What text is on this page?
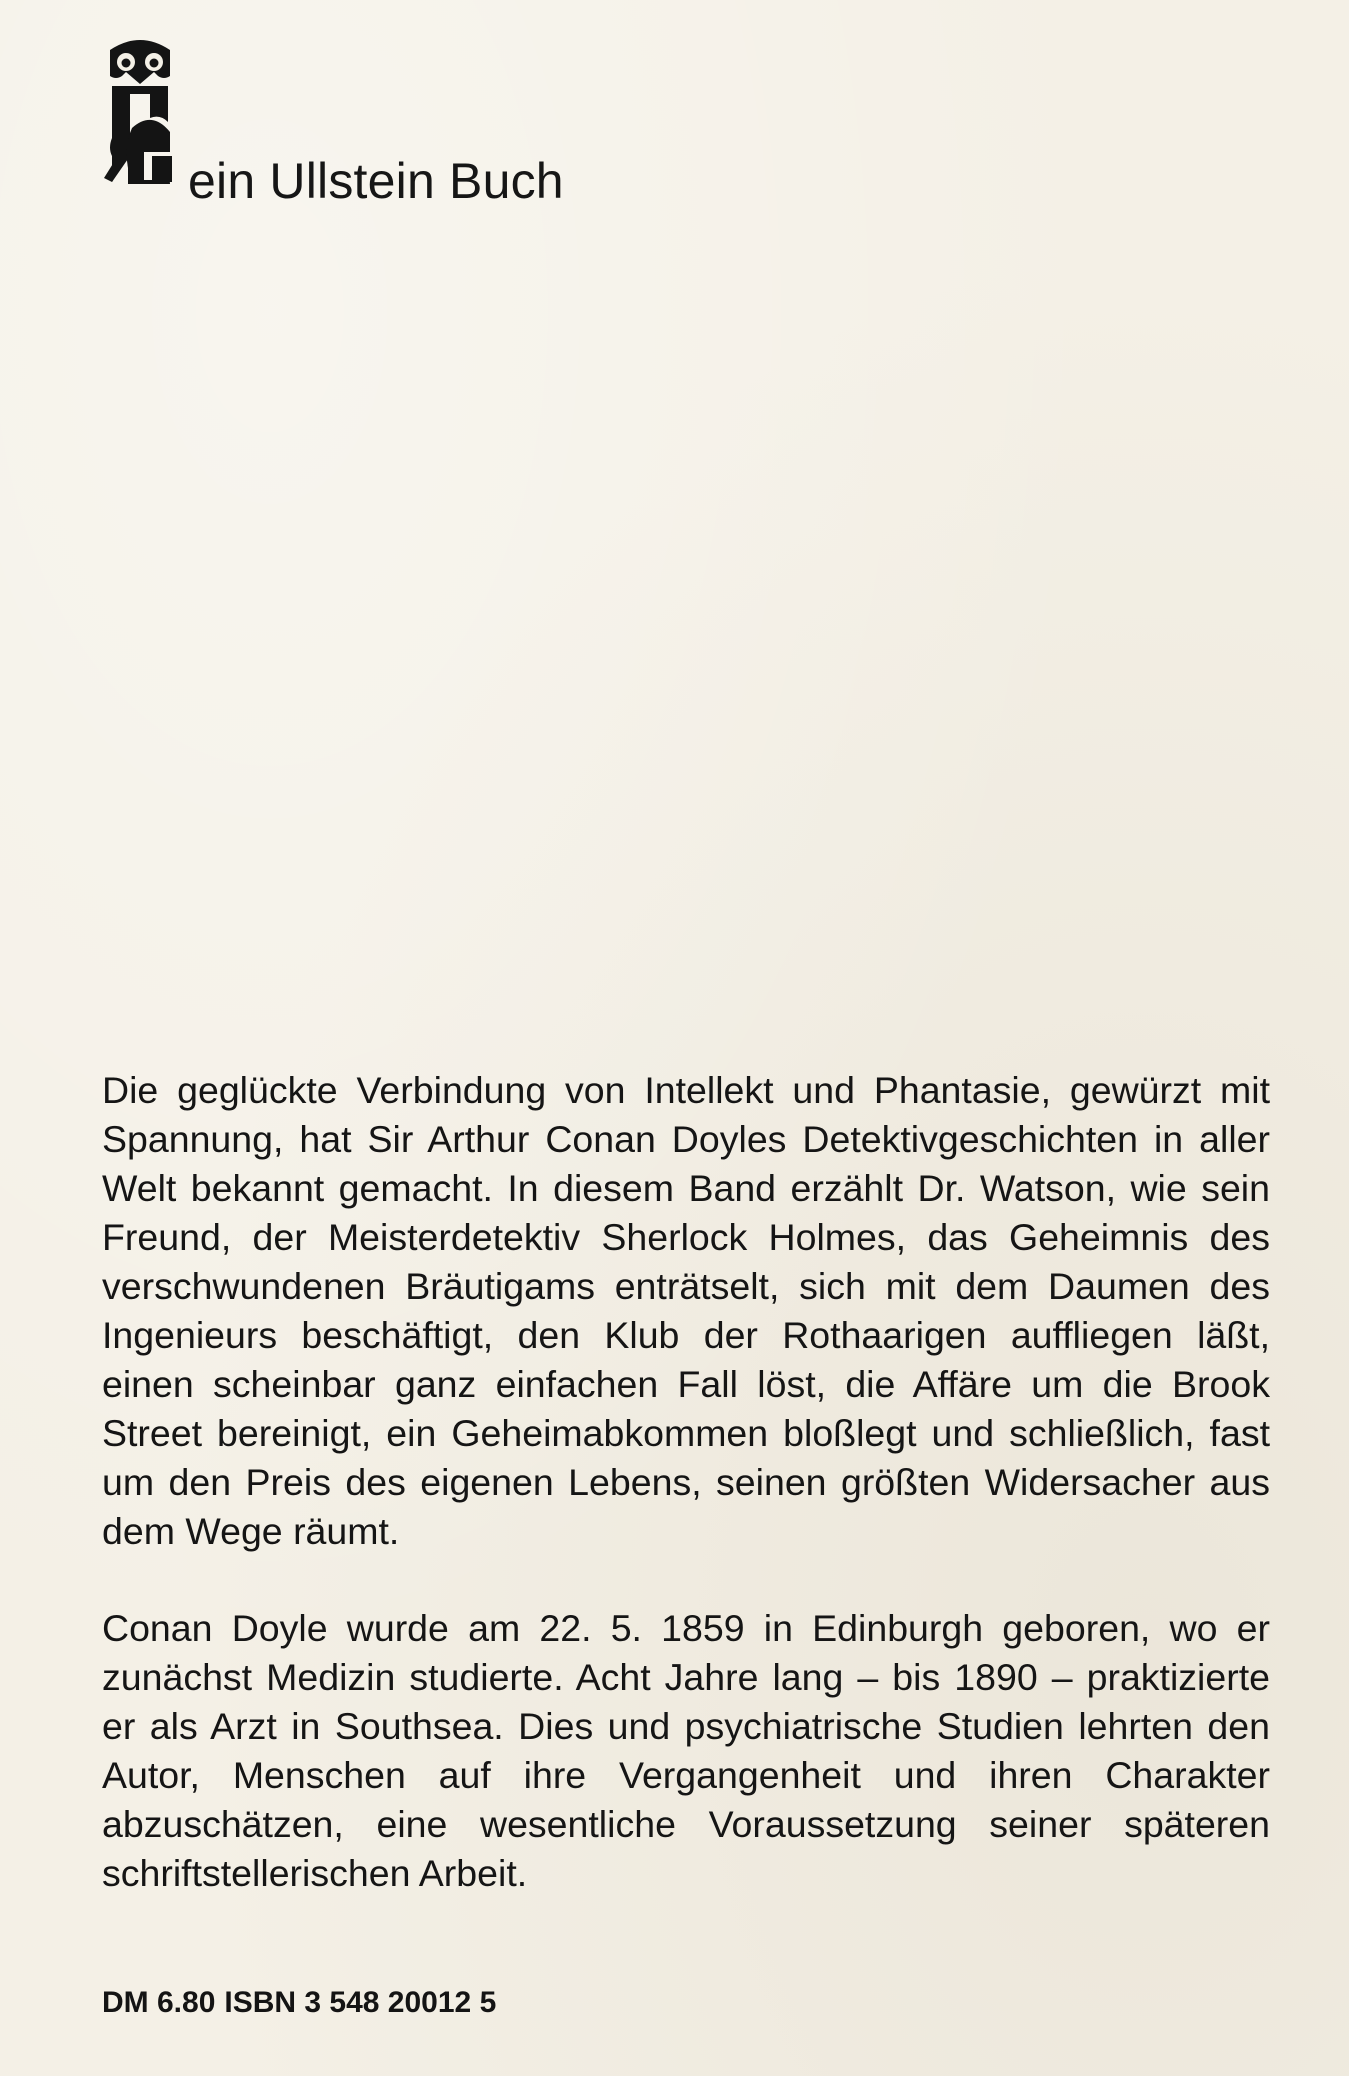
ein Ullstein Buch

Die geglückte Verbindung von Intellekt und Phantasie, gewürzt mit Spannung, hat Sir Arthur Conan Doyles Detektivgeschichten in aller Welt bekannt gemacht. In diesem Band erzählt Dr. Watson, wie sein Freund, der Meisterdetektiv Sherlock Holmes, das Geheimnis des verschwundenen Bräutigams enträtselt, sich mit dem Daumen des Ingenieurs beschäftigt, den Klub der Rothaarigen auffliegen läßt, einen scheinbar ganz einfachen Fall löst, die Affäre um die Brook Street bereinigt, ein Geheimabkommen bloßlegt und schließlich, fast um den Preis des eigenen Lebens, seinen größten Widersacher aus dem Wege räumt.

Conan Doyle wurde am 22. 5. 1859 in Edinburgh geboren, wo er zunächst Medizin studierte. Acht Jahre lang – bis 1890 – praktizierte er als Arzt in Southsea. Dies und psychiatrische Studien lehrten den Autor, Menschen auf ihre Vergangenheit und ihren Charakter abzuschätzen, eine wesentliche Voraussetzung seiner späteren schriftstellerischen Arbeit.

DM 6.80 ISBN 3 548 20012 5
